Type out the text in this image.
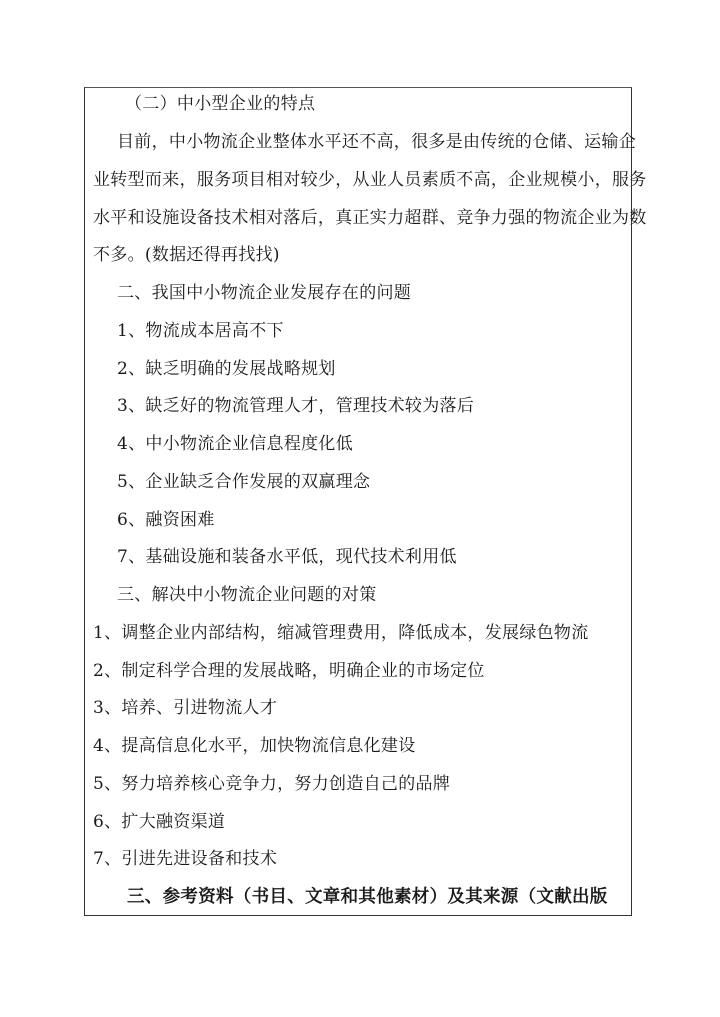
（二）中小型企业的特点
目前，中小物流企业整体水平还不高，很多是由传统的仓储、运输企
业转型而来，服务项目相对较少，从业人员素质不高，企业规模小，服务
水平和设施设备技术相对落后，真正实力超群、竞争力强的物流企业为数
不多。(数据还得再找找)
二、我国中小物流企业发展存在的问题
1、物流成本居高不下
2、缺乏明确的发展战略规划
3、缺乏好的物流管理人才，管理技术较为落后
4、中小物流企业信息程度化低
5、企业缺乏合作发展的双赢理念
6、融资困难
7、基础设施和装备水平低，现代技术利用低
三、解决中小物流企业问题的对策
1、调整企业内部结构，缩减管理费用，降低成本，发展绿色物流
2、制定科学合理的发展战略，明确企业的市场定位
3、培养、引进物流人才
4、提高信息化水平，加快物流信息化建设
5、努力培养核心竞争力，努力创造自己的品牌
6、扩大融资渠道
7、引进先进设备和技术
三、参考资料（书目、文章和其他素材）及其来源（文献出版
